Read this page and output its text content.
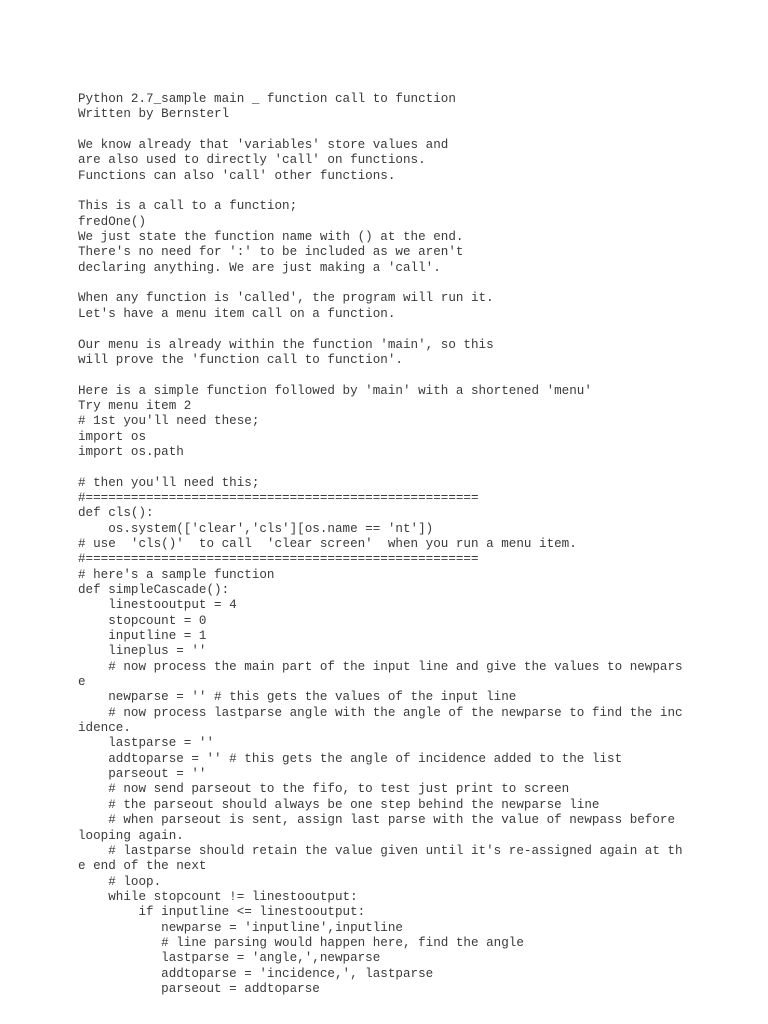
Python 2.7_sample main _ function call to function
Written by Bernsterl
We know already that 'variables' store values and
are also used to directly 'call' on functions.
Functions can also 'call' other functions.
This is a call to a function;
fredOne()
We just state the function name with () at the end.
There's no need for ':' to be included as we aren't
declaring anything. We are just making a 'call'.
When any function is 'called', the program will run it.
Let's have a menu item call on a function.
Our menu is already within the function 'main', so this
will prove the 'function call to function'.
Here is a simple function followed by 'main' with a shortened 'menu'
Try menu item 2
# 1st you'll need these;
import os
import os.path
# then you'll need this;
#====================================================
def cls():
os.system(['clear','cls'][os.name == 'nt'])
# use  'cls()'  to call  'clear screen'  when you run a menu item.
#====================================================
# here's a sample function
def simpleCascade():
linestooutput = 4
stopcount = 0
inputline = 1
lineplus = ''
# now process the main part of the input line and give the values to newpars
e
newparse = '' # this gets the values of the input line
# now process lastparse angle with the angle of the newparse to find the inc
idence.
lastparse = ''
addtoparse = '' # this gets the angle of incidence added to the list
parseout = ''
# now send parseout to the fifo, to test just print to screen
# the parseout should always be one step behind the newparse line
# when parseout is sent, assign last parse with the value of newpass before
looping again.
# lastparse should retain the value given until it's re-assigned again at th
e end of the next
# loop.
while stopcount != linestooutput:
if inputline <= linestooutput:
newparse = 'inputline',inputline
# line parsing would happen here, find the angle
lastparse = 'angle,',newparse
addtoparse = 'incidence,', lastparse
parseout = addtoparse
